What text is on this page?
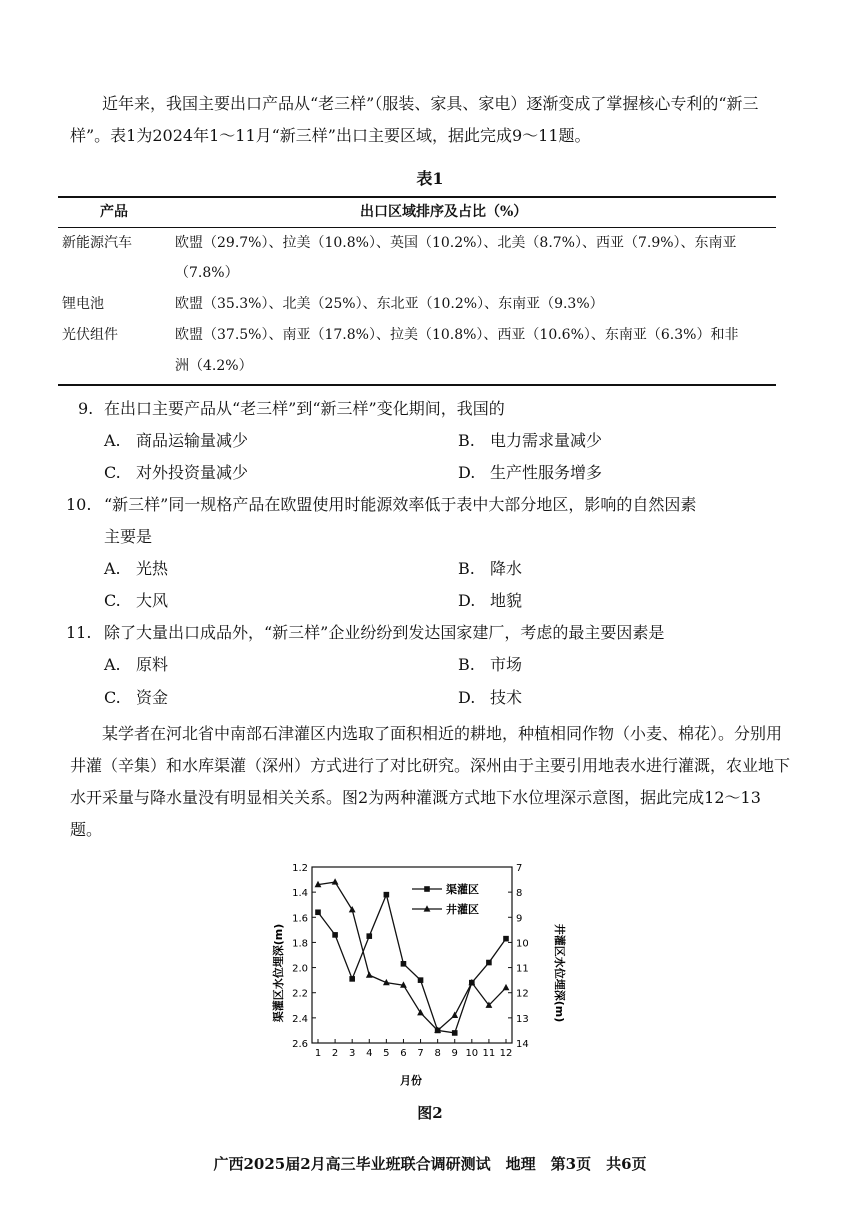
近年来，我国主要出口产品从“老三样”（服装、家具、家电）逐渐变成了掌握核心专利的“新三样”。表1为2024年1～11月“新三样”出口主要区域，据此完成9～11题。

表1
产品	出口区域排序及占比（%）
新能源汽车	欧盟（29.7%）、拉美（10.8%）、英国（10.2%）、北美（8.7%）、西亚（7.9%）、东南亚
（7.8%）
锂电池	欧盟（35.3%）、北美（25%）、东北亚（10.2%）、东南亚（9.3%）
光伏组件	欧盟（37.5%）、南亚（17.8%）、拉美（10.8%）、西亚（10.6%）、东南亚（6.3%）和非
洲（4.2%）
9. 在出口主要产品从“老三样”到“新三样”变化期间，我国的
A. 商品运输量减少	B. 电力需求量减少
C. 对外投资量减少	D. 生产性服务增多
10. “新三样”同一规格产品在欧盟使用时能源效率低于表中大部分地区，影响的自然因素
主要是
A. 光热	B. 降水
C. 大风	D. 地貌
11. 除了大量出口成品外，“新三样”企业纷纷到发达国家建厂，考虑的最主要因素是
A. 原料	B. 市场
C. 资金	D. 技术

某学者在河北省中南部石津灌区内选取了面积相近的耕地，种植相同作物（小麦、棉花）。分别用井灌（辛集）和水库渠灌（深州）方式进行了对比研究。深州由于主要引用地表水进行灌溉，农业地下水开采量与降水量没有明显相关关系。图2为两种灌溉方式地下水位埋深示意图，据此完成12～13题。

1.2
1.4
1.6
1.8
2.0
2.2
2.4
2.6
7
8
9
10
11
12
13
14
1 2 3 4 5 6 7 8 9 10 11 12
渠灌区
井灌区
渠灌区水位埋深(m)	井灌区水位埋深(m)
月份
图2
广西2025届2月高三毕业班联合调研测试　地理　第3页　共6页
